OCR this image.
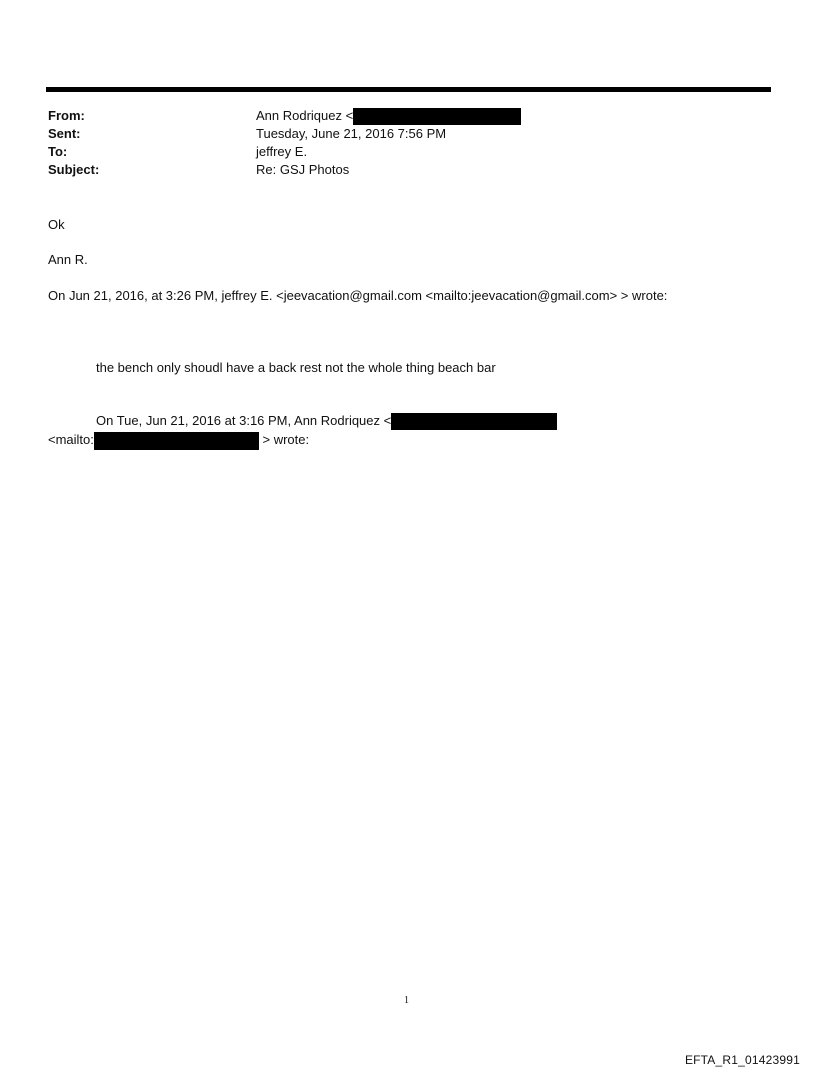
From:	Ann Rodriquez <
Sent:	Tuesday, June 21, 2016 7:56 PM
To:	jeffrey E.
Subject:	Re: GSJ Photos
Ok
Ann R.
On Jun 21, 2016, at 3:26 PM, jeffrey E. <jeevacation@gmail.com <mailto:jeevacation@gmail.com> > wrote:
the bench only shoudl have a back rest not the whole thing beach bar
On Tue, Jun 21, 2016 at 3:16 PM, Ann Rodriquez <
<mailto:	> wrote:
1
EFTA_R1_01423991
